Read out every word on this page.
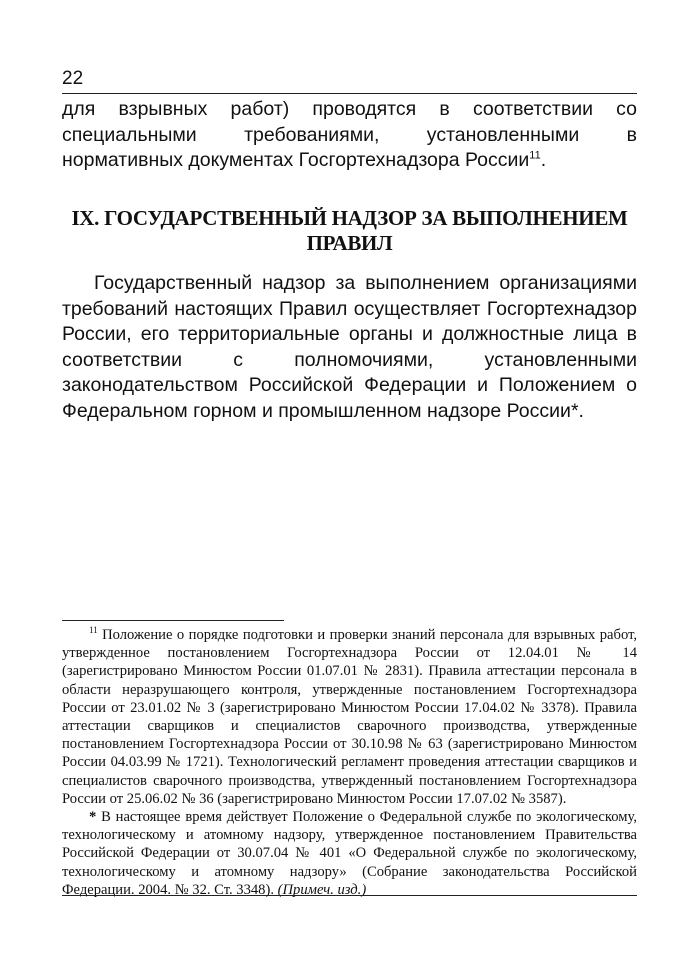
22

для взрывных работ) проводятся в соответствии со специальными требованиями, установленными в нормативных документах Госгортехнадзора России$^{11}$.

IX. ГОСУДАРСТВЕННЫЙ НАДЗОР ЗА ВЫПОЛНЕНИЕМ ПРАВИЛ

Государственный надзор за выполнением организациями требований настоящих Правил осуществляет Госгортехнадзор России, его территориальные органы и должностные лица в соответствии с полномочиями, установленными законодательством Российской Федерации и Положением о Федеральном горном и промышленном надзоре России*.

$^{11}$ Положение о порядке подготовки и проверки знаний персонала для взрывных работ, утвержденное постановлением Госгортехнадзора России от 12.04.01 № 14 (зарегистрировано Минюстом России 01.07.01 № 2831). Правила аттестации персонала в области неразрушающего контроля, утвержденные постановлением Госгортехнадзора России от 23.01.02 № 3 (зарегистрировано Минюстом России 17.04.02 № 3378). Правила аттестации сварщиков и специалистов сварочного производства, утвержденные постановлением Госгортехнадзора России от 30.10.98 № 63 (зарегистрировано Минюстом России 04.03.99 № 1721). Технологический регламент проведения аттестации сварщиков и специалистов сварочного производства, утвержденный постановлением Госгортехнадзора России от 25.06.02 № 36 (зарегистрировано Минюстом России 17.07.02 № 3587).

* В настоящее время действует Положение о Федеральной службе по экологическому, технологическому и атомному надзору, утвержденное постановлением Правительства Российской Федерации от 30.07.04 № 401 «О Федеральной службе по экологическому, технологическому и атомному надзору» (Собрание законодательства Российской Федерации. 2004. № 32. Ст. 3348). (Примеч. изд.)
